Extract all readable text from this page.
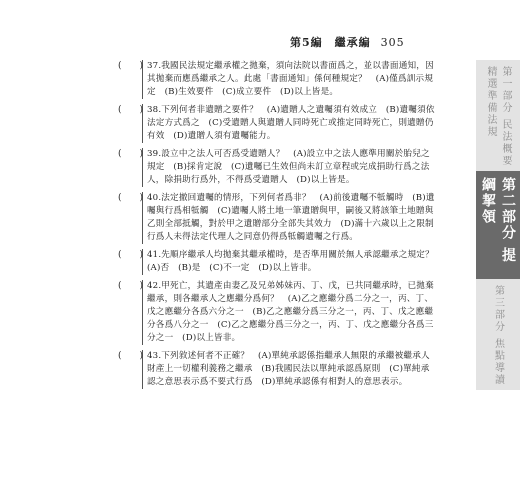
第5編　繼承編 305
(　　) 37.我國民法規定繼承權之拋棄，須向法院以書面爲之，並以書面通知，因其拋棄而應爲繼承之人。此處「書面通知」係何種規定？　(A)僅爲訓示規定　(B)生效要件　(C)成立要件　(D)以上皆是。
(　　) 38.下列何者非遺贈之要件？　(A)遺贈人之遺囑須有效成立　(B)遺囑須依法定方式爲之　(C)受遺贈人與遺贈人同時死亡或推定同時死亡，則遺贈仍有效　(D)遺贈人須有遺囑能力。
(　　) 39.設立中之法人可否爲受遺贈人？　(A)設立中之法人應準用關於胎兒之規定　(B)採肯定說　(C)遺囑已生效但尚未訂立章程或完成捐助行爲之法人，除捐助行爲外，不得爲受遺贈人　(D)以上皆是。
(　　) 40.法定撤回遺囑的情形，下列何者爲非？　(A)前後遺囑不牴觸時　(B)遺囑與行爲相牴觸　(C)遺囑人將土地一筆遺贈與甲，嗣後又將該筆土地贈與乙則全部抵觸，對於甲之遺贈部分全部失其效力　(D)滿十六歲以上之限制行爲人未得法定代理人之同意仍得爲牴觸遺囑之行爲。
(　　) 41.先順序繼承人均拋棄其繼承權時，是否準用關於無人承認繼承之規定？　(A)否　(B)是　(C)不一定　(D)以上皆非。
(　　) 42.甲死亡，其遺產由妻乙及兄弟姊妹丙、丁、戊，已共同繼承時，已拋棄繼承，則各繼承人之應繼分爲何？　(A)乙之應繼分爲二分之一，丙、丁、戊之應繼分各爲六分之一　(B)乙之應繼分爲三分之一，丙、丁、戊之應繼分各爲八分之一　(C)乙之應繼分爲三分之一，丙、丁、戊之應繼分各爲三分之一　(D)以上皆非。
(　　) 43.下列敘述何者不正確？　(A)單純承認係指繼承人無限的承繼被繼承人財產上一切權利義務之繼承　(B)我國民法以單純承認爲原則　(C)單純承認之意思表示爲不要式行爲　(D)單純承認係有相對人的意思表示。
第一部分 民法概要精選準備法規
第二部分 提綱挈領
第三部分 焦點導讀
